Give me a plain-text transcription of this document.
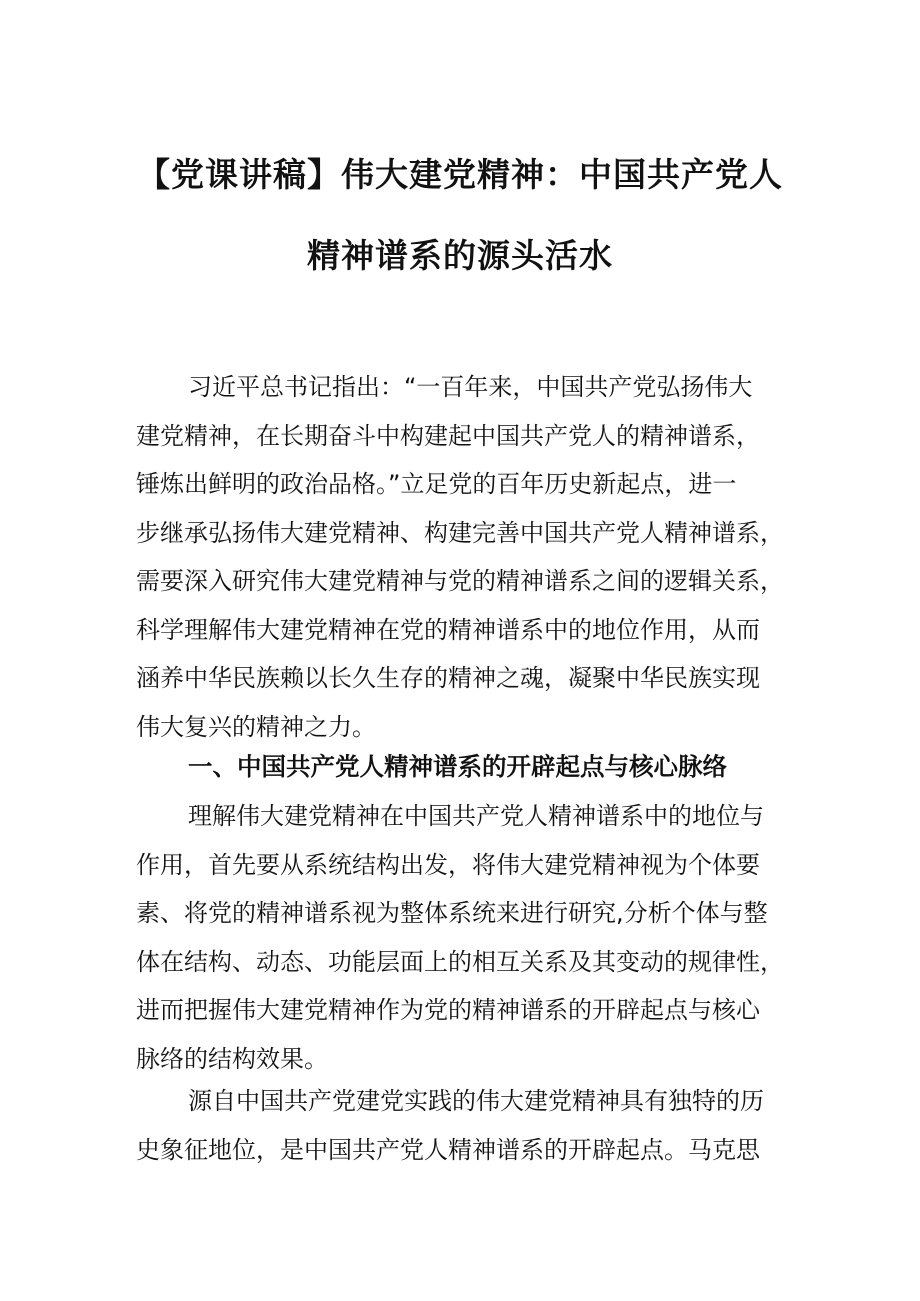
【党课讲稿】伟大建党精神：中国共产党人
精神谱系的源头活水
习近平总书记指出：“一百年来，中国共产党弘扬伟大
建党精神，在长期奋斗中构建起中国共产党人的精神谱系，
锤炼出鲜明的政治品格。”立足党的百年历史新起点，进一
步继承弘扬伟大建党精神、构建完善中国共产党人精神谱系，
需要深入研究伟大建党精神与党的精神谱系之间的逻辑关系，
科学理解伟大建党精神在党的精神谱系中的地位作用，从而
涵养中华民族赖以长久生存的精神之魂，凝聚中华民族实现
伟大复兴的精神之力。
一、中国共产党人精神谱系的开辟起点与核心脉络
理解伟大建党精神在中国共产党人精神谱系中的地位与
作用，首先要从系统结构出发，将伟大建党精神视为个体要
素、将党的精神谱系视为整体系统来进行研究,分析个体与整
体在结构、动态、功能层面上的相互关系及其变动的规律性，
进而把握伟大建党精神作为党的精神谱系的开辟起点与核心
脉络的结构效果。
源自中国共产党建党实践的伟大建党精神具有独特的历
史象征地位，是中国共产党人精神谱系的开辟起点。马克思
